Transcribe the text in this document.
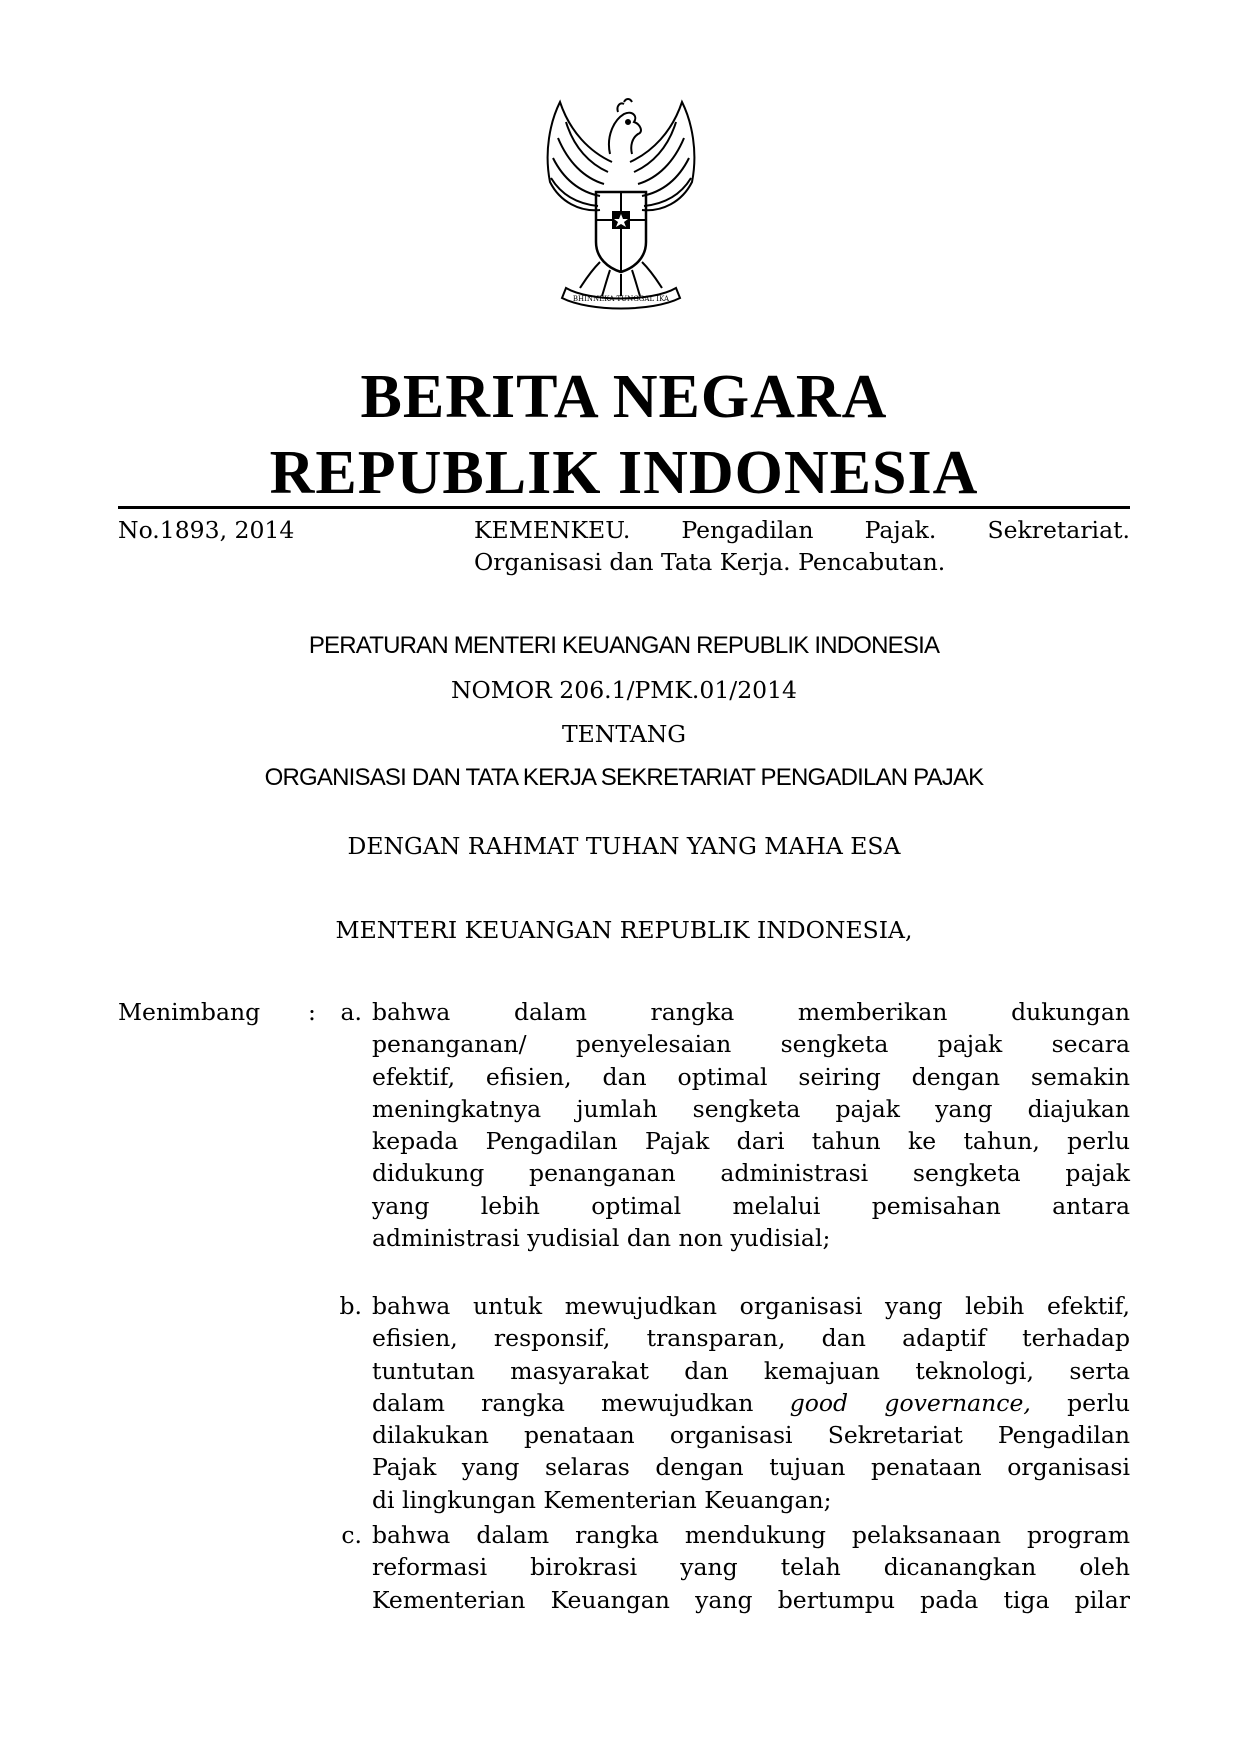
BHINNEKA TUNGGAL IKA
BERITA NEGARA
REPUBLIK INDONESIA
No.1893, 2014	KEMENKEU. Pengadilan Pajak. Sekretariat.
Organisasi dan Tata Kerja. Pencabutan.
PERATURAN MENTERI KEUANGAN REPUBLIK INDONESIA
NOMOR 206.1/PMK.01/2014
TENTANG
ORGANISASI DAN TATA KERJA SEKRETARIAT PENGADILAN PAJAK
DENGAN RAHMAT TUHAN YANG MAHA ESA
MENTERI KEUANGAN REPUBLIK INDONESIA,
Menimbang :	a. bahwa dalam rangka memberikan dukungan
penanganan/ penyelesaian sengketa pajak secara
efektif, efisien, dan optimal seiring dengan semakin
meningkatnya jumlah sengketa pajak yang diajukan
kepada Pengadilan Pajak dari tahun ke tahun, perlu
didukung penanganan administrasi sengketa pajak
yang lebih optimal melalui pemisahan antara
administrasi yudisial dan non yudisial;
b. bahwa untuk mewujudkan organisasi yang lebih efektif,
efisien, responsif, transparan, dan adaptif terhadap
tuntutan masyarakat dan kemajuan teknologi, serta
dalam rangka mewujudkan good governance, perlu
dilakukan penataan organisasi Sekretariat Pengadilan
Pajak yang selaras dengan tujuan penataan organisasi
di lingkungan Kementerian Keuangan;
c. bahwa dalam rangka mendukung pelaksanaan program
reformasi birokrasi yang telah dicanangkan oleh
Kementerian Keuangan yang bertumpu pada tiga pilar
